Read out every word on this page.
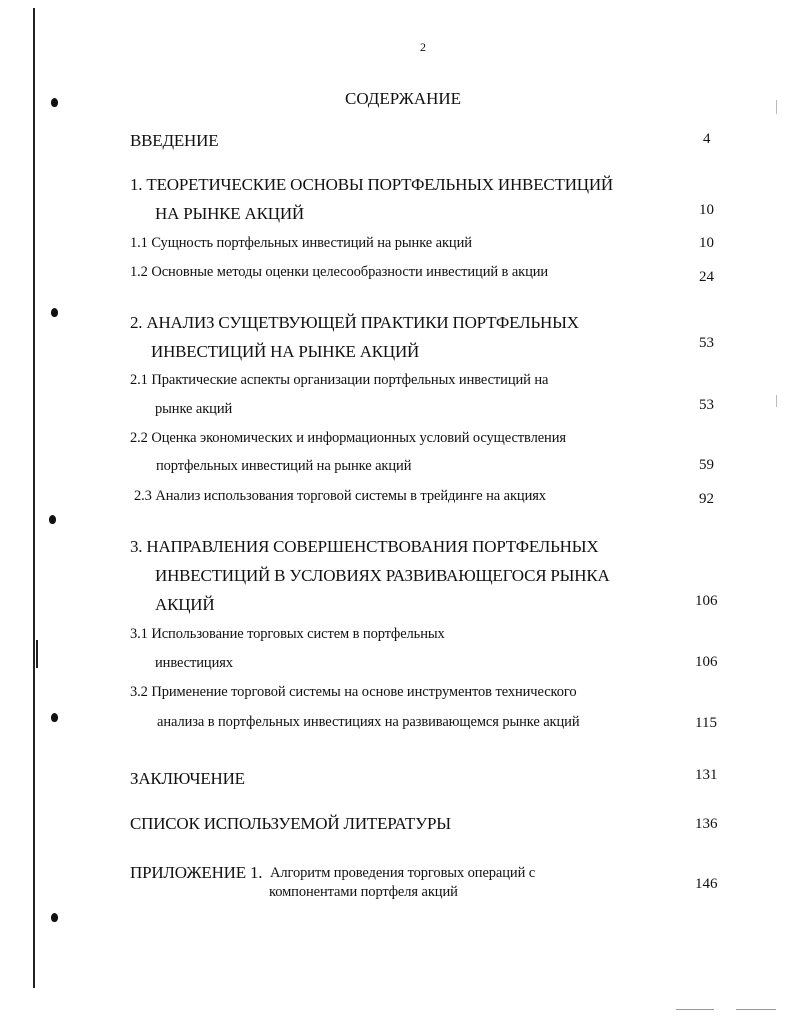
2
СОДЕРЖАНИЕ
ВВЕДЕНИЕ	4
1. ТЕОРЕТИЧЕСКИЕ ОСНОВЫ ПОРТФЕЛЬНЫХ ИНВЕСТИЦИЙ
НА РЫНКЕ АКЦИЙ	10
1.1 Сущность портфельных инвестиций на рынке акций	10
1.2 Основные методы оценки целесообразности инвестиций в акции	24
2. АНАЛИЗ СУЩЕТВУЮЩЕЙ ПРАКТИКИ ПОРТФЕЛЬНЫХ
ИНВЕСТИЦИЙ НА РЫНКЕ АКЦИЙ	53
2.1 Практические аспекты организации портфельных инвестиций на
рынке акций	53
2.2 Оценка экономических и информационных условий осуществления
портфельных инвестиций на рынке акций	59
2.3 Анализ использования торговой системы в трейдинге на акциях	92
3. НАПРАВЛЕНИЯ СОВЕРШЕНСТВОВАНИЯ ПОРТФЕЛЬНЫХ
ИНВЕСТИЦИЙ В УСЛОВИЯХ РАЗВИВАЮЩЕГОСЯ РЫНКА
АКЦИЙ	106
3.1 Использование торговых систем в портфельных
инвестициях	106
3.2 Применение торговой системы на основе инструментов технического
анализа в портфельных инвестициях на развивающемся рынке акций	115
ЗАКЛЮЧЕНИЕ	131
СПИСОК ИСПОЛЬЗУЕМОЙ ЛИТЕРАТУРЫ	136
ПРИЛОЖЕНИЕ 1. Алгоритм проведения торговых операций с
компонентами портфеля акций	146
